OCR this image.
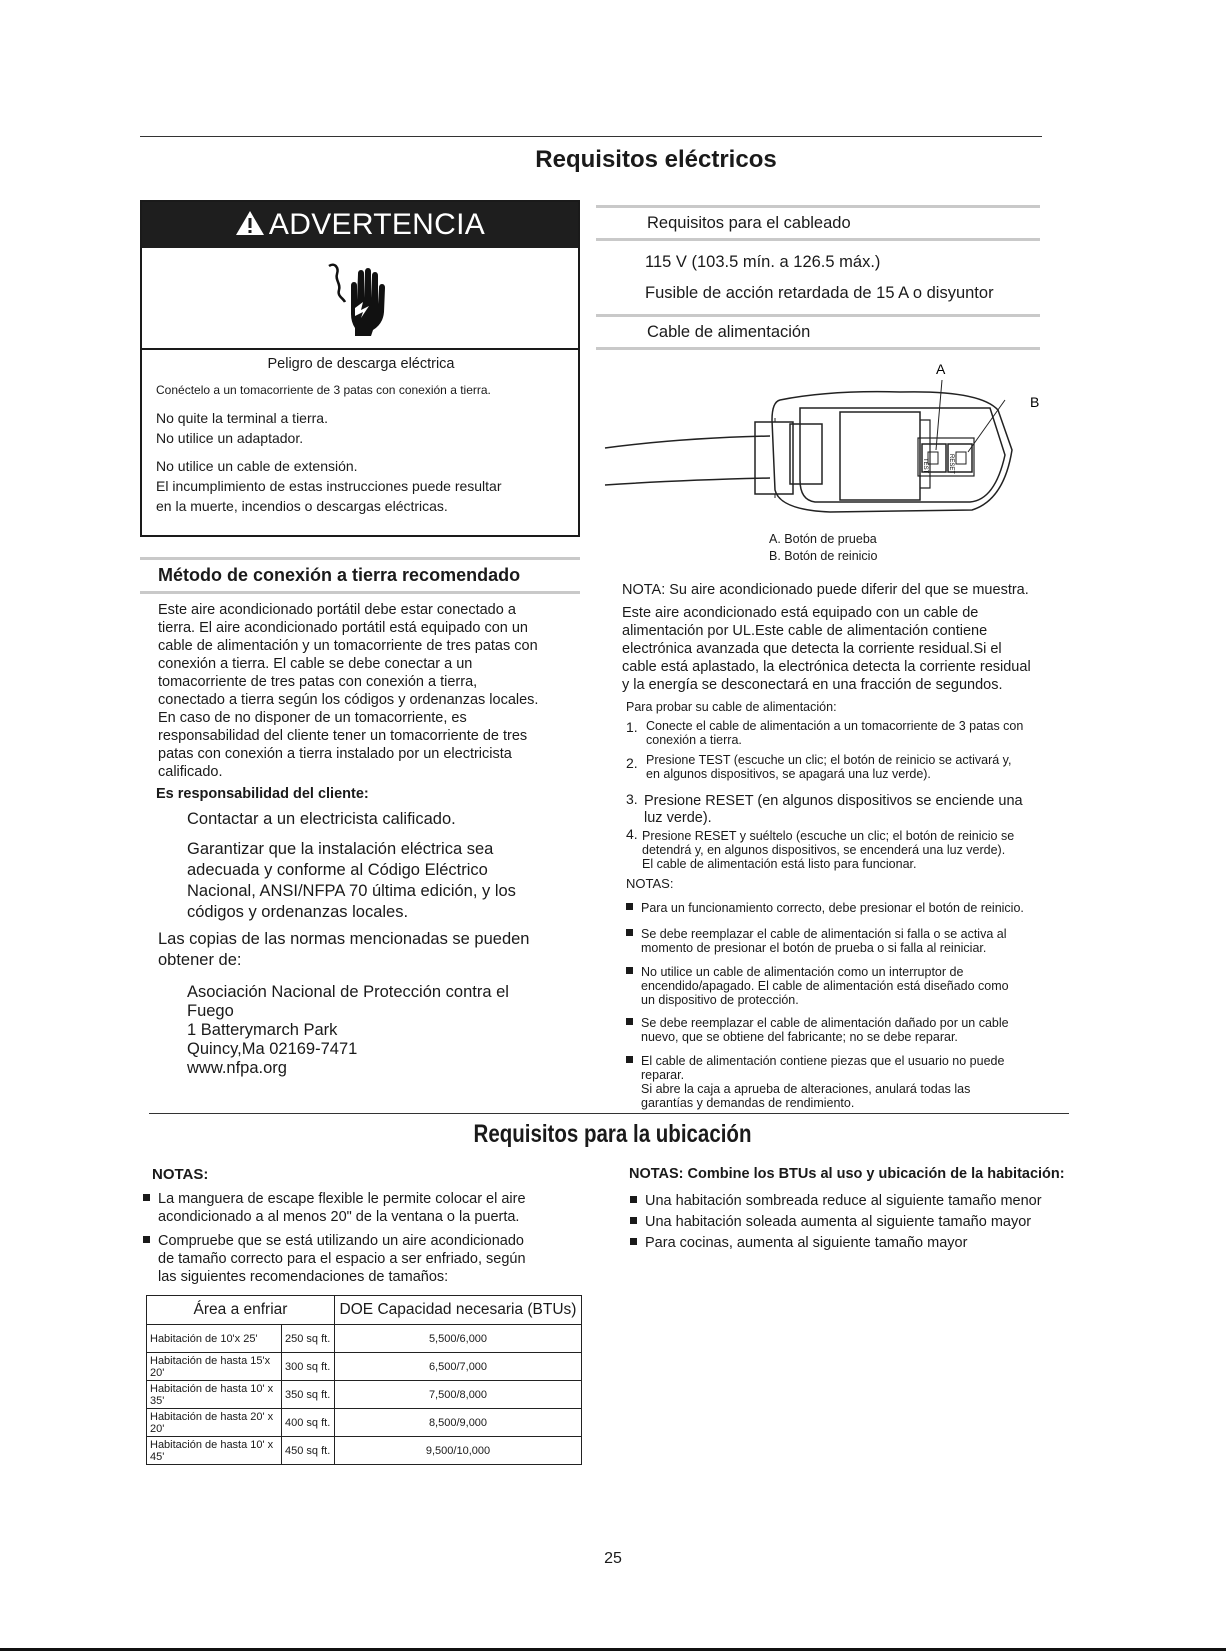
Requisitos eléctricos
ADVERTENCIA
Peligro de descarga eléctrica
Conéctelo a un tomacorriente de 3 patas con conexión a tierra.
No quite la terminal a tierra.
No utilice un adaptador.
No utilice un cable de extensión.
El incumplimiento de estas instrucciones puede resultar
en la muerte, incendios o descargas eléctricas.
Método de conexión a tierra recomendado
Este aire acondicionado portátil debe estar conectado a
tierra. El aire acondicionado portátil está equipado con un
cable de alimentación y un tomacorriente de tres patas con
conexión a tierra. El cable se debe conectar a un
tomacorriente de tres patas con conexión a tierra,
conectado a tierra según los códigos y ordenanzas locales.
En caso de no disponer de un tomacorriente, es
responsabilidad del cliente tener un tomacorriente de tres
patas con conexión a tierra instalado por un electricista
calificado.
Es responsabilidad del cliente:
Contactar a un electricista calificado.
Garantizar que la instalación eléctrica sea
adecuada y conforme al Código Eléctrico
Nacional, ANSI/NFPA 70 última edición, y los
códigos y ordenanzas locales.
Las copias de las normas mencionadas se pueden
obtener de:
Asociación Nacional de Protección contra el
Fuego
1 Batterymarch Park
Quincy,Ma 02169-7471
www.nfpa.org
Requisitos para el cableado
115 V (103.5 mín. a 126.5 máx.)
Fusible de acción retardada de 15 A o disyuntor
Cable de alimentación
TEST	RESET
A
B
A. Botón de prueba
B. Botón de reinicio
NOTA: Su aire acondicionado puede diferir del que se muestra.
Este aire acondicionado está equipado con un cable de
alimentación por UL.Este cable de alimentación contiene
electrónica avanzada que detecta la corriente residual.Si el
cable está aplastado, la electrónica detecta la corriente residual
y la energía se desconectará en una fracción de segundos.
Para probar su cable de alimentación:
1. Conecte el cable de alimentación a un tomacorriente de 3 patas con
conexión a tierra.
2. Presione TEST (escuche un clic; el botón de reinicio se activará y,
en algunos dispositivos, se apagará una luz verde).
3. Presione RESET (en algunos dispositivos se enciende una
luz verde).
4. Presione RESET y suéltelo (escuche un clic; el botón de reinicio se
detendrá y, en algunos dispositivos, se encenderá una luz verde).
El cable de alimentación está listo para funcionar.
NOTAS:
Para un funcionamiento correcto, debe presionar el botón de reinicio.
Se debe reemplazar el cable de alimentación si falla o se activa al
momento de presionar el botón de prueba o si falla al reiniciar.
No utilice un cable de alimentación como un interruptor de
encendido/apagado. El cable de alimentación está diseñado como
un dispositivo de protección.
Se debe reemplazar el cable de alimentación dañado por un cable
nuevo, que se obtiene del fabricante; no se debe reparar.
El cable de alimentación contiene piezas que el usuario no puede
reparar.
Si abre la caja a aprueba de alteraciones, anulará todas las
garantías y demandas de rendimiento.
Requisitos para la ubicación
NOTAS:
La manguera de escape flexible le permite colocar el aire
acondicionado a al menos 20" de la ventana o la puerta.
Compruebe que se está utilizando un aire acondicionado
de tamaño correcto para el espacio a ser enfriado, según
las siguientes recomendaciones de tamaños:
Área a enfriar		DOE Capacidad necesaria (BTUs)
Habitación de 10'x 25'	250 sq ft.	5,500/6,000
Habitación de hasta 15'x 20'	300 sq ft.	6,500/7,000
Habitación de hasta 10' x 35'	350 sq ft.	7,500/8,000
Habitación de hasta 20' x 20'	400 sq ft.	8,500/9,000
Habitación de hasta 10' x 45'	450 sq ft.	9,500/10,000
NOTAS: Combine los BTUs al uso y ubicación de la habitación:
Una habitación sombreada reduce al siguiente tamaño menor
Una habitación soleada aumenta al siguiente tamaño mayor
Para cocinas, aumenta al siguiente tamaño mayor
25
